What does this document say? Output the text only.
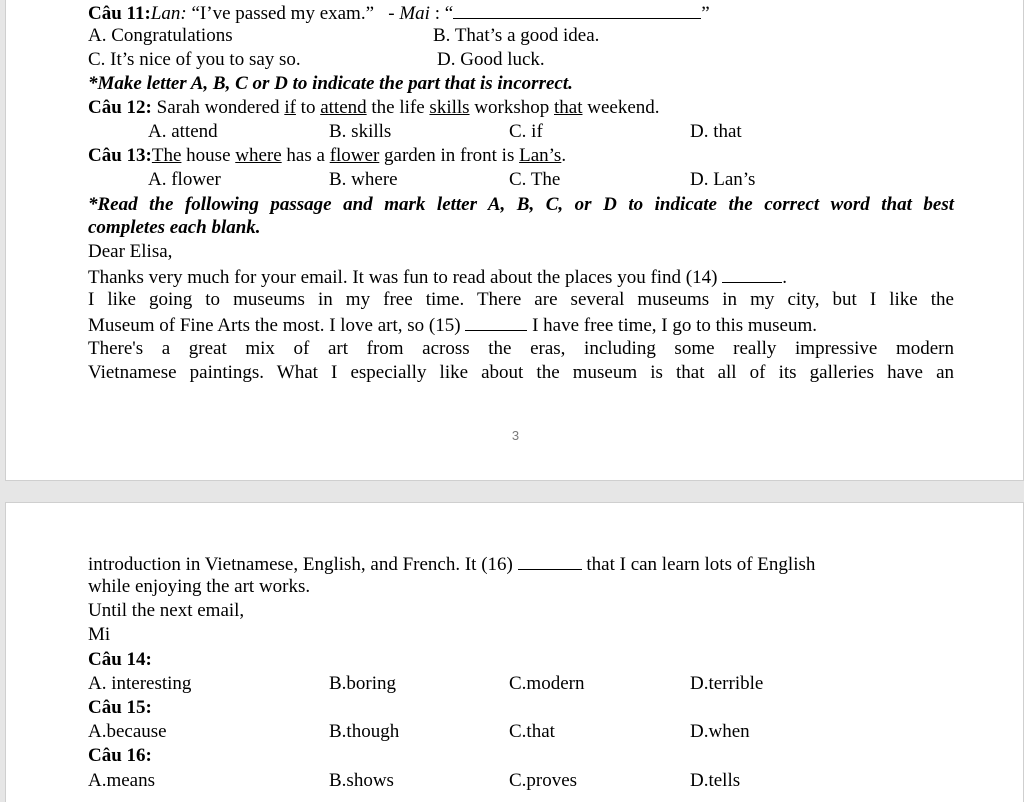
Câu 11:Lan: “I’ve passed my exam.”   - Mai : “	”
A. Congratulations	B. That’s a good idea.
C. It’s nice of you to say so.	D. Good luck.
*Make letter A, B, C or D to indicate the part that is incorrect.
Câu 12: Sarah wondered if to attend the life skills workshop that weekend.
A. attend	B. skills	C. if	D. that
Câu 13:The house where has a flower garden in front is Lan’s.
A. flower	B. where	C. The	D. Lan’s
*Read the following passage and mark letter A, B, C, or D to indicate the correct word that best
completes each blank.
Dear Elisa,
Thanks very much for your email. It was fun to read about the places you find (14)	.
I like going to museums in my free time. There are several museums in my city, but I like the
Museum of Fine Arts the most. I love art, so (15)	I have free time, I go to this museum.
There's a great mix of art from across the eras, including some really impressive modern
Vietnamese paintings. What I especially like about the museum is that all of its galleries have an
3
introduction in Vietnamese, English, and French. It (16)	that I can learn lots of English
while enjoying the art works.
Until the next email,
Mi
Câu 14:
A. interesting	B.boring	C.modern	D.terrible
Câu 15:
A.because	B.though	C.that	D.when
Câu 16:
A.means	B.shows	C.proves	D.tells
